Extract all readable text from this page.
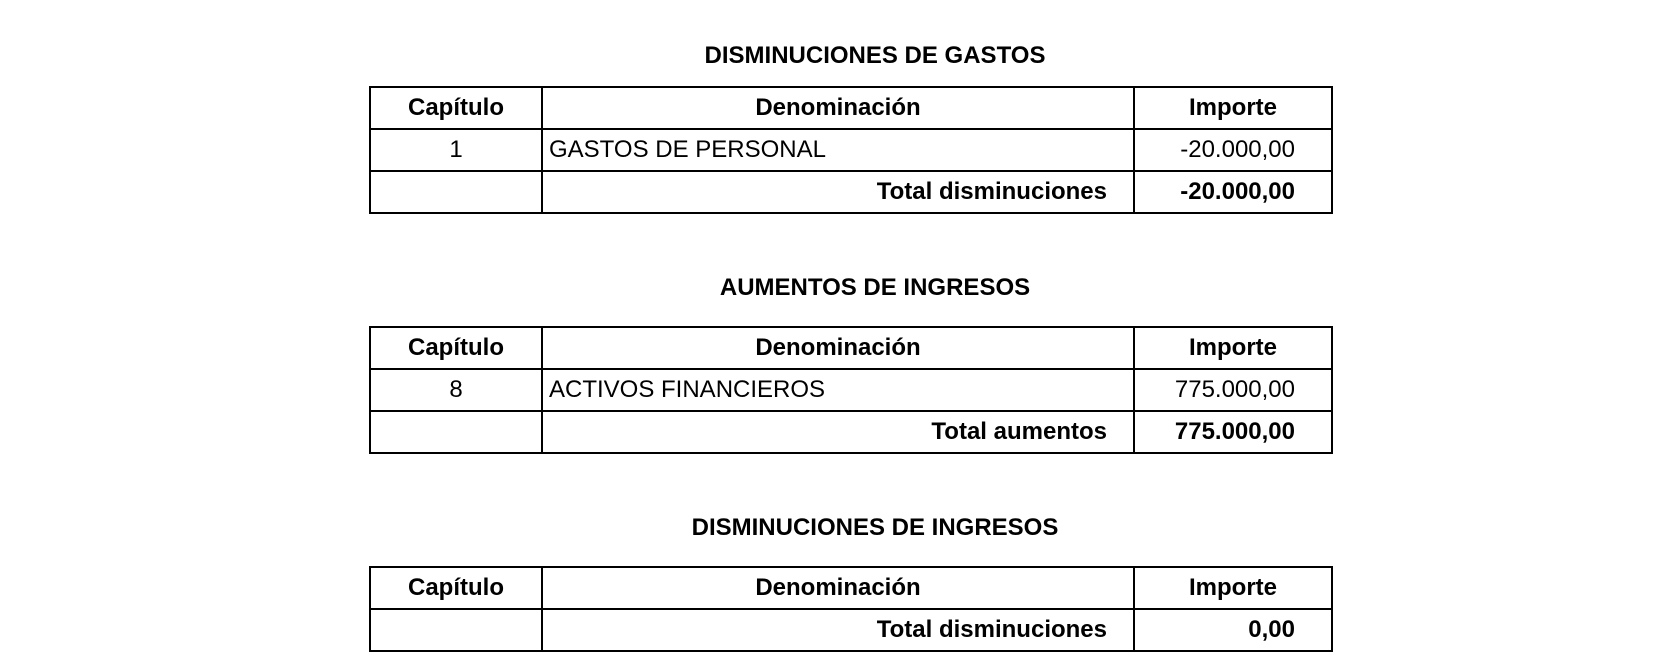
DISMINUCIONES DE GASTOS
Capítulo	Denominación	Importe
1	GASTOS DE PERSONAL	-20.000,00
	Total disminuciones	-20.000,00
AUMENTOS DE INGRESOS
Capítulo	Denominación	Importe
8	ACTIVOS FINANCIEROS	775.000,00
	Total aumentos	775.000,00
DISMINUCIONES DE INGRESOS
Capítulo	Denominación	Importe
	Total disminuciones	0,00
